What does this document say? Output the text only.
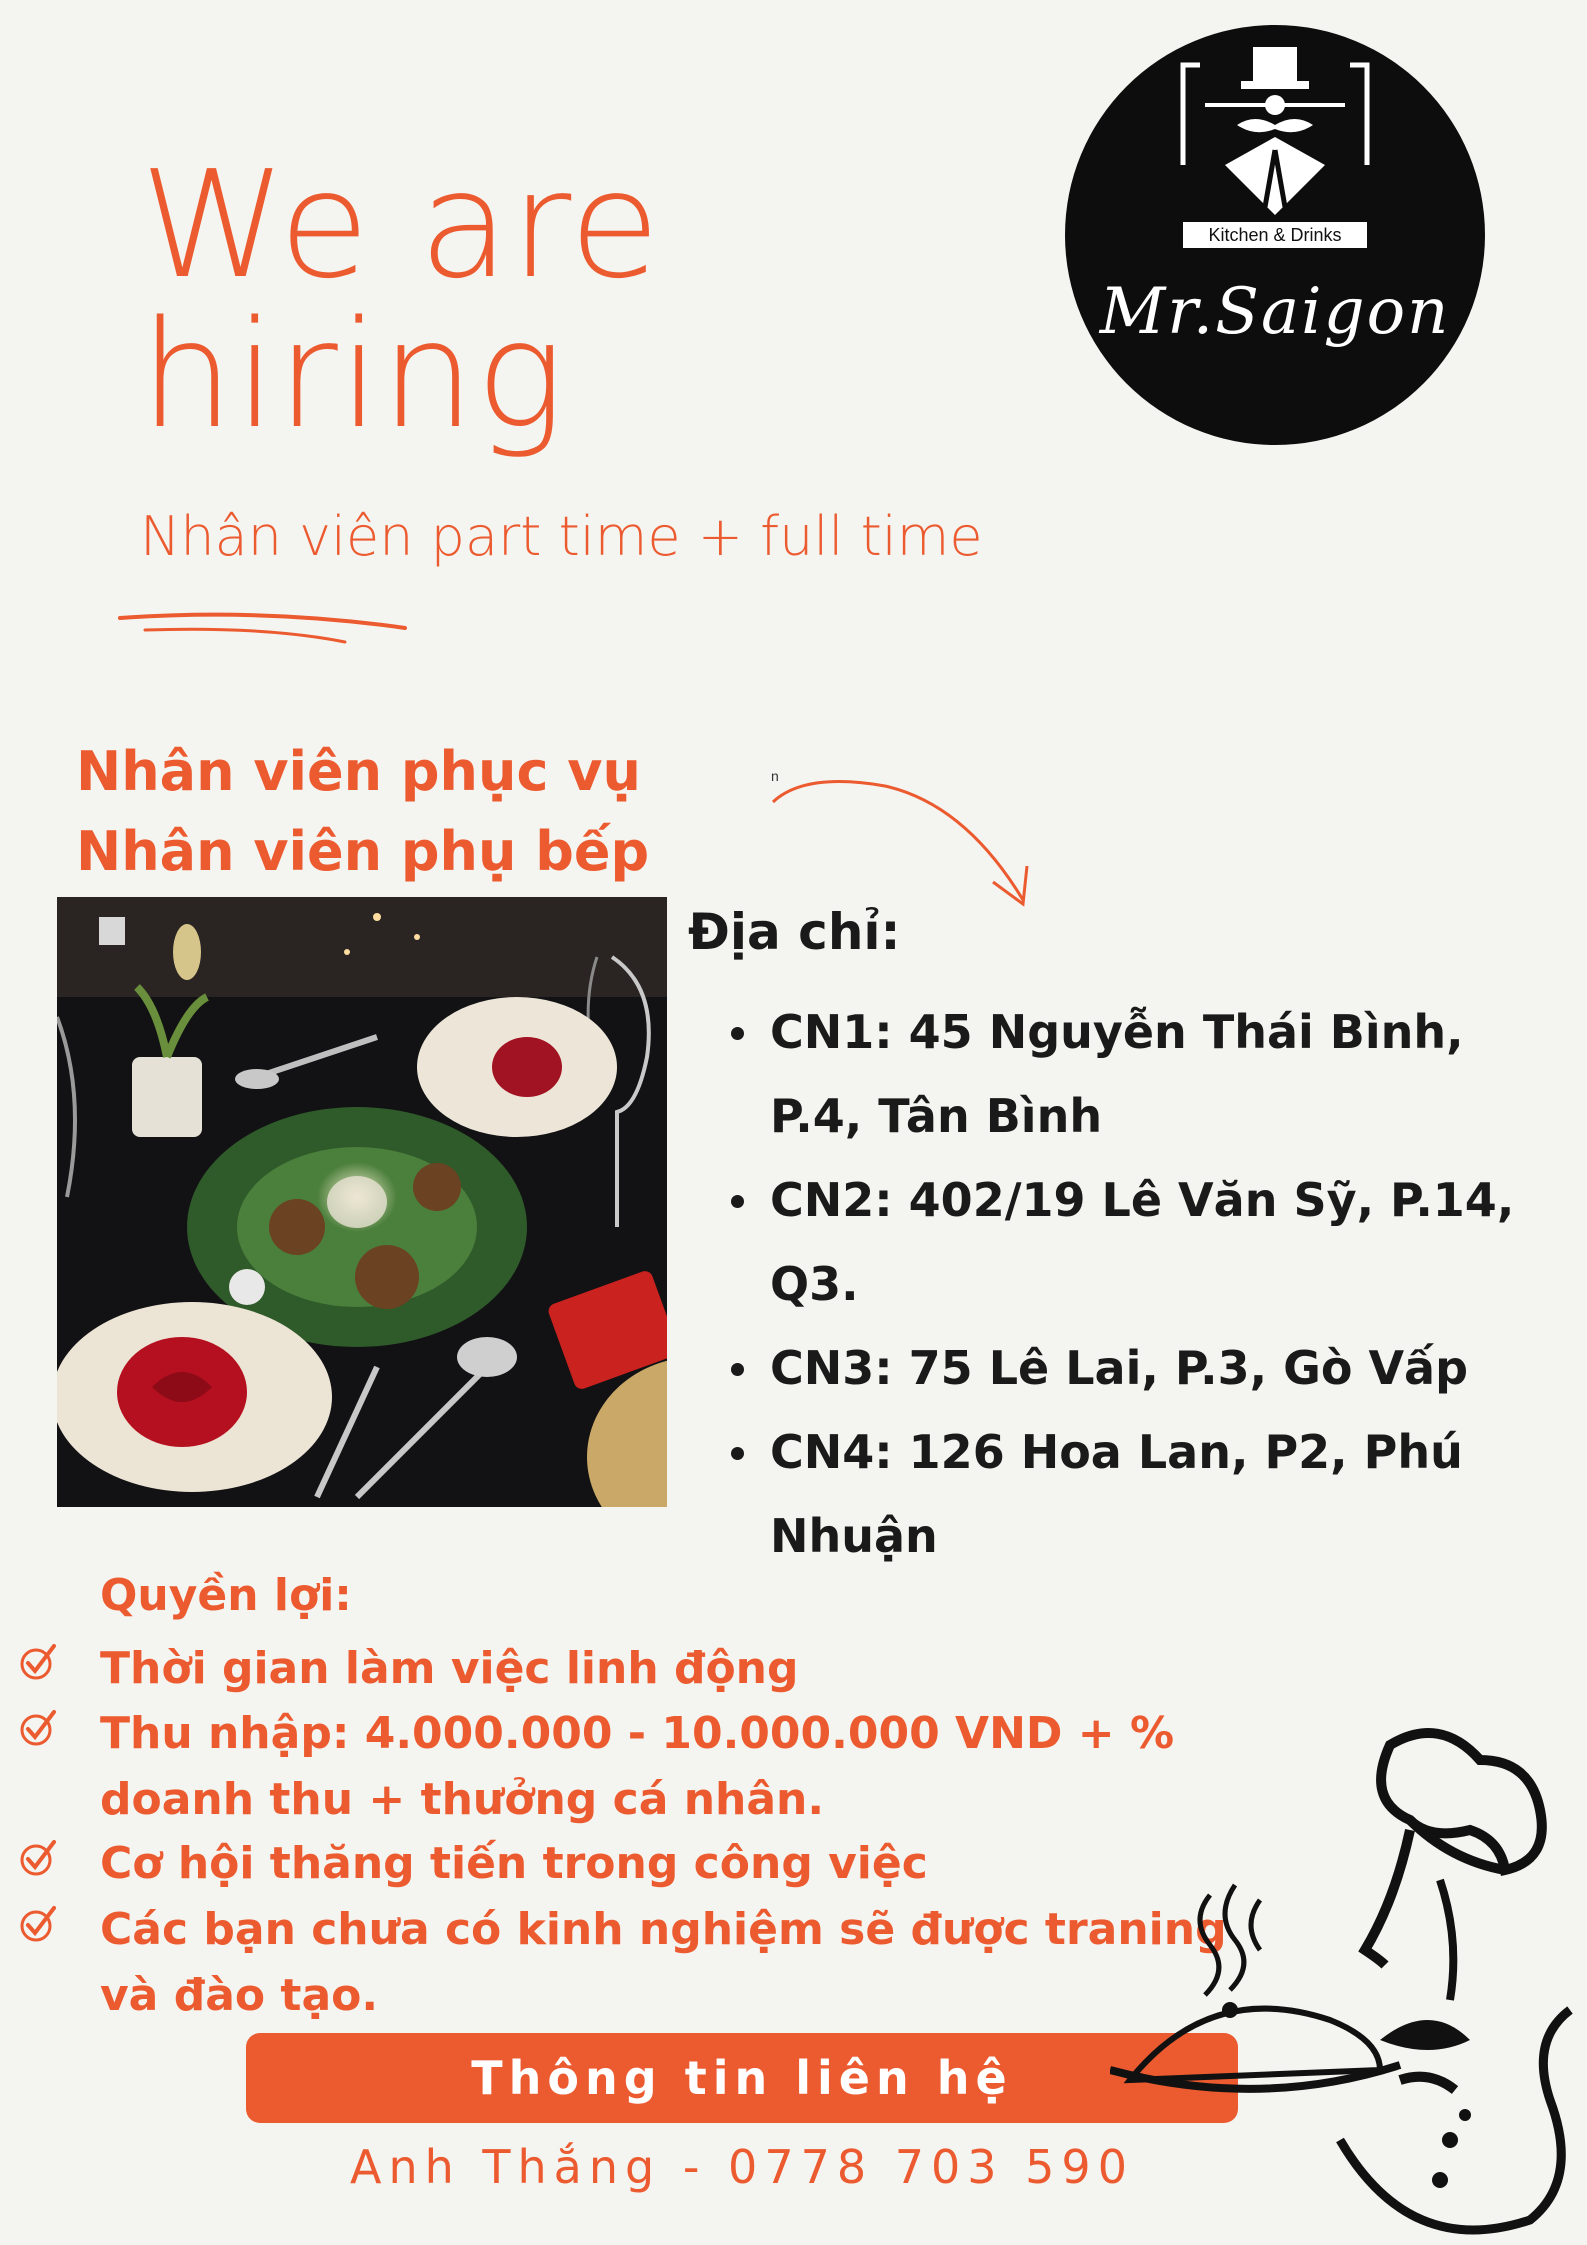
We are
hiring
Nhân viên part time + full time
Kitchen & Drinks
Mr.Saigon
Nhân viên phục vụ
Nhân viên phụ bếp
n
Địa chỉ:
CN1: 45 Nguyễn Thái Bình, P.4, Tân Bình
CN2: 402/19 Lê Văn Sỹ, P.14, Q3.
CN3: 75 Lê Lai, P.3, Gò Vấp
CN4: 126 Hoa Lan, P2, Phú Nhuận
Quyền lợi:
Thời gian làm việc linh động
Thu nhập: 4.000.000 - 10.000.000 VND + % doanh thu + thưởng cá nhân.
Cơ hội thăng tiến trong công việc
Các bạn chưa có kinh nghiệm sẽ được traning và đào tạo.
Thông tin liên hệ
Anh Thắng - 0778 703 590
